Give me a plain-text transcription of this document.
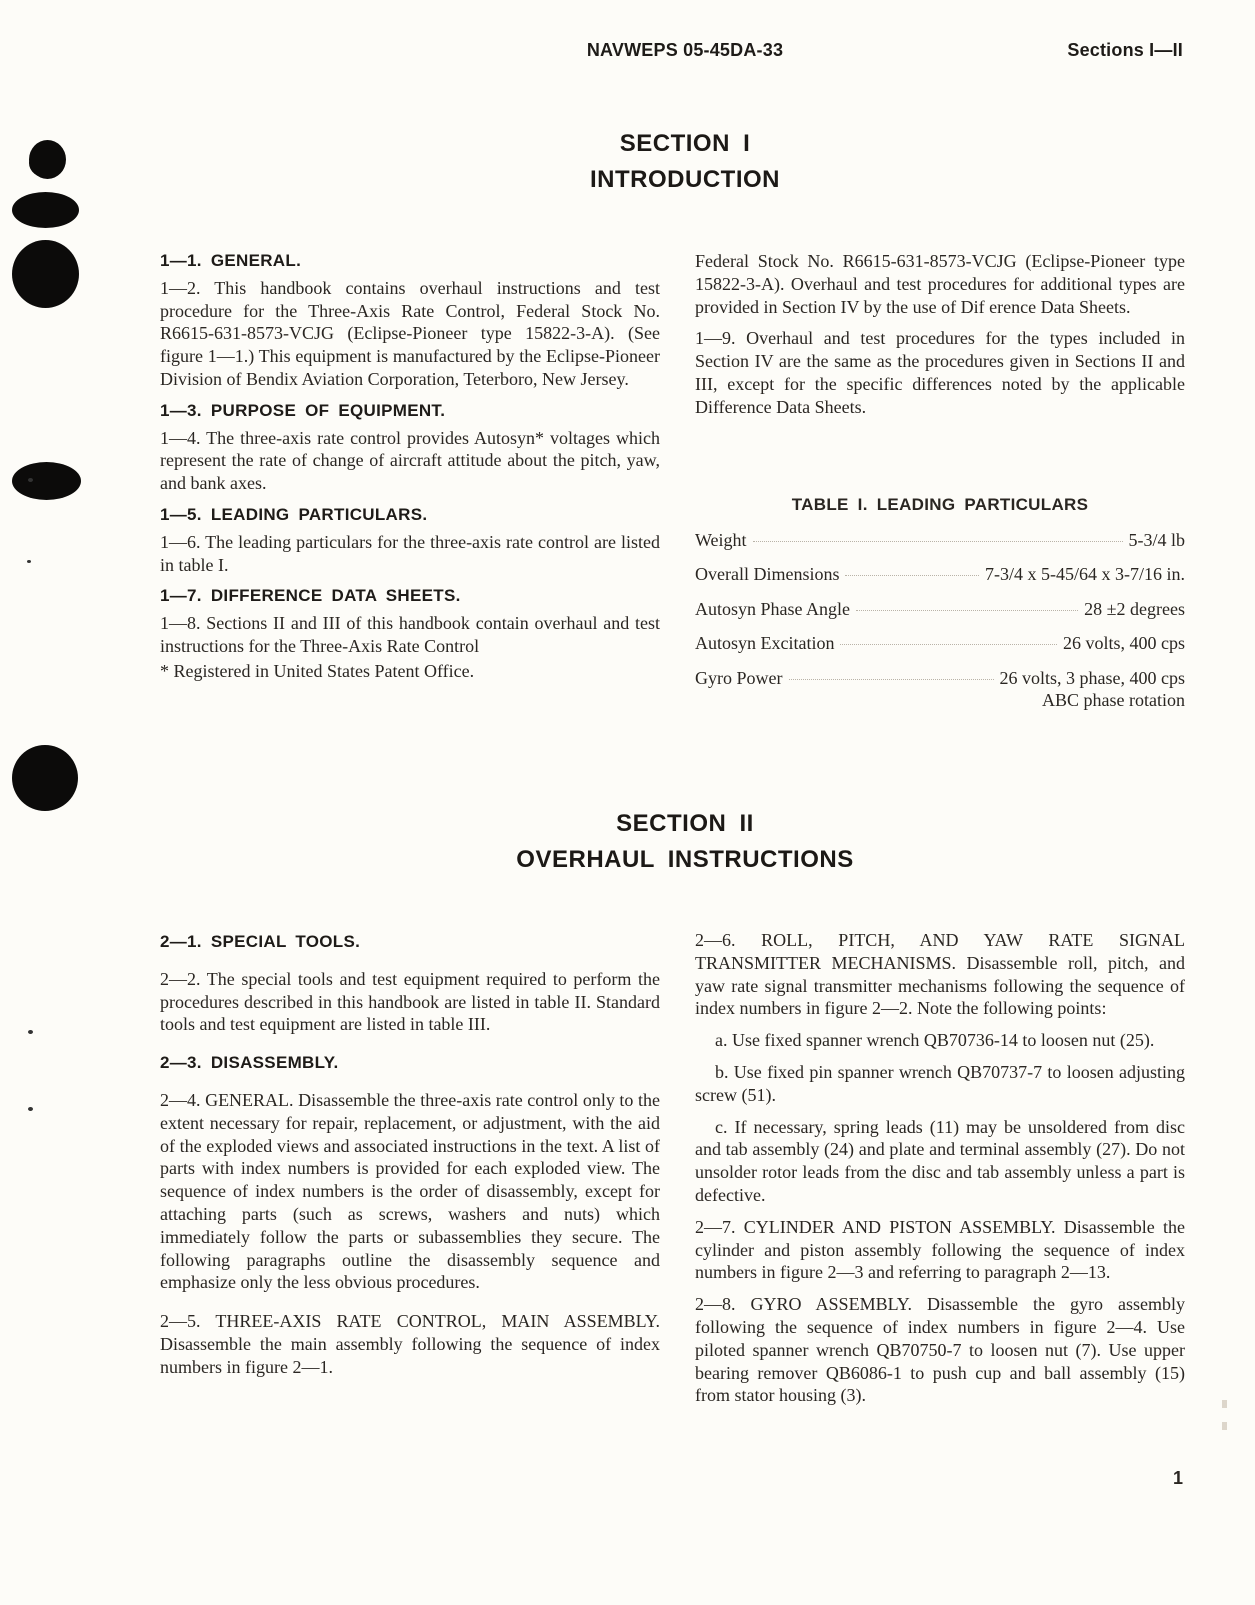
NAVWEPS 05-45DA-33	Sections I—II
SECTION I
INTRODUCTION
1—1. GENERAL.

1—2. This handbook contains overhaul instructions and test procedure for the Three-Axis Rate Control, Federal Stock No. R6615-631-8573-VCJG (Eclipse-Pioneer type 15822-3-A). (See figure 1—1.) This equipment is manufactured by the Eclipse-Pioneer Division of Bendix Aviation Corporation, Teterboro, New Jersey.

1—3. PURPOSE OF EQUIPMENT.

1—4. The three-axis rate control provides Autosyn* voltages which represent the rate of change of aircraft attitude about the pitch, yaw, and bank axes.

1—5. LEADING PARTICULARS.

1—6. The leading particulars for the three-axis rate control are listed in table I.

1—7. DIFFERENCE DATA SHEETS.

1—8. Sections II and III of this handbook contain overhaul and test instructions for the Three-Axis Rate Control

* Registered in United States Patent Office.

Federal Stock No. R6615-631-8573-VCJG (Eclipse-Pioneer type 15822-3-A). Overhaul and test procedures for additional types are provided in Section IV by the use of Dif erence Data Sheets.

1—9. Overhaul and test procedures for the types included in Section IV are the same as the procedures given in Sections II and III, except for the specific differences noted by the applicable Difference Data Sheets.

TABLE I. LEADING PARTICULARS
Weight	5-3/4 lb
Overall Dimensions	7-3/4 x 5-45/64 x 3-7/16 in.
Autosyn Phase Angle	28 ±2 degrees
Autosyn Excitation	26 volts, 400 cps
Gyro Power	26 volts, 3 phase, 400 cps
ABC phase rotation
SECTION II
OVERHAUL INSTRUCTIONS
2—1. SPECIAL TOOLS.

2—2. The special tools and test equipment required to perform the procedures described in this handbook are listed in table II. Standard tools and test equipment are listed in table III.

2—3. DISASSEMBLY.

2—4. GENERAL. Disassemble the three-axis rate control only to the extent necessary for repair, replacement, or adjustment, with the aid of the exploded views and associated instructions in the text. A list of parts with index numbers is provided for each exploded view. The sequence of index numbers is the order of disassembly, except for attaching parts (such as screws, washers and nuts) which immediately follow the parts or subassemblies they secure. The following paragraphs outline the disassembly sequence and emphasize only the less obvious procedures.

2—5. THREE-AXIS RATE CONTROL, MAIN ASSEMBLY. Disassemble the main assembly following the sequence of index numbers in figure 2—1.

2—6. ROLL, PITCH, AND YAW RATE SIGNAL TRANSMITTER MECHANISMS. Disassemble roll, pitch, and yaw rate signal transmitter mechanisms following the sequence of index numbers in figure 2—2. Note the following points:

a. Use fixed spanner wrench QB70736-14 to loosen nut (25).

b. Use fixed pin spanner wrench QB70737-7 to loosen adjusting screw (51).

c. If necessary, spring leads (11) may be unsoldered from disc and tab assembly (24) and plate and terminal assembly (27). Do not unsolder rotor leads from the disc and tab assembly unless a part is defective.

2—7. CYLINDER AND PISTON ASSEMBLY. Disassemble the cylinder and piston assembly following the sequence of index numbers in figure 2—3 and referring to paragraph 2—13.

2—8. GYRO ASSEMBLY. Disassemble the gyro assembly following the sequence of index numbers in figure 2—4. Use piloted spanner wrench QB70750-7 to loosen nut (7). Use upper bearing remover QB6086-1 to push cup and ball assembly (15) from stator housing (3).

1
